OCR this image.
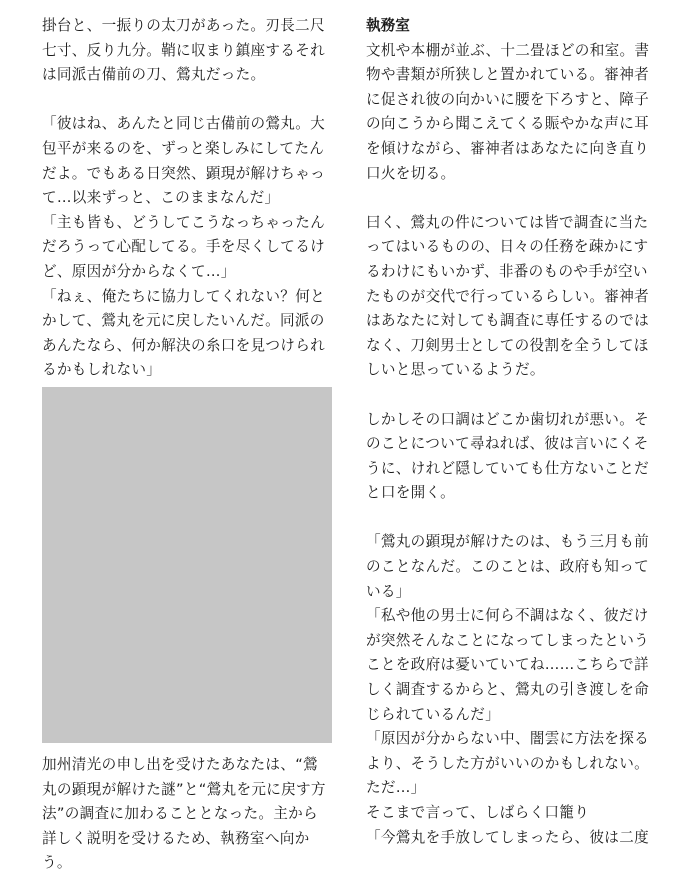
掛台と、一振りの太刀があった。刃長二尺七寸、反り九分。鞘に収まり鎮座するそれは同派古備前の刀、鶯丸だった。

「彼はね、あんたと同じ古備前の鶯丸。大包平が来るのを、ずっと楽しみにしてたんだよ。でもある日突然、顕現が解けちゃって…以来ずっと、このままなんだ」

「主も皆も、どうしてこうなっちゃったんだろうって心配してる。手を尽くしてるけど、原因が分からなくて…」

「ねぇ、俺たちに協力してくれない？何とかして、鶯丸を元に戻したいんだ。同派のあんたなら、何か解決の糸口を見つけられるかもしれない」

加州清光の申し出を受けたあなたは、“鶯丸の顕現が解けた謎”と“鶯丸を元に戻す方法”の調査に加わることとなった。主から詳しく説明を受けるため、執務室へ向かう。

執務室

文机や本棚が並ぶ、十二畳ほどの和室。書物や書類が所狭しと置かれている。審神者に促され彼の向かいに腰を下ろすと、障子の向こうから聞こえてくる賑やかな声に耳を傾けながら、審神者はあなたに向き直り口火を切る。

曰く、鶯丸の件については皆で調査に当たってはいるものの、日々の任務を疎かにするわけにもいかず、非番のものや手が空いたものが交代で行っているらしい。審神者はあなたに対しても調査に専任するのではなく、刀剣男士としての役割を全うしてほしいと思っているようだ。

しかしその口調はどこか歯切れが悪い。そのことについて尋ねれば、彼は言いにくそうに、けれど隠していても仕方ないことだと口を開く。

「鶯丸の顕現が解けたのは、もう三月も前のことなんだ。このことは、政府も知っている」

「私や他の男士に何ら不調はなく、彼だけが突然そんなことになってしまったということを政府は憂いていてね……こちらで詳しく調査するからと、鶯丸の引き渡しを命じられているんだ」

「原因が分からない中、闇雲に方法を探るより、そうした方がいいのかもしれない。ただ…」

そこまで言って、しばらく口籠り

「今鶯丸を手放してしまったら、彼は二度
